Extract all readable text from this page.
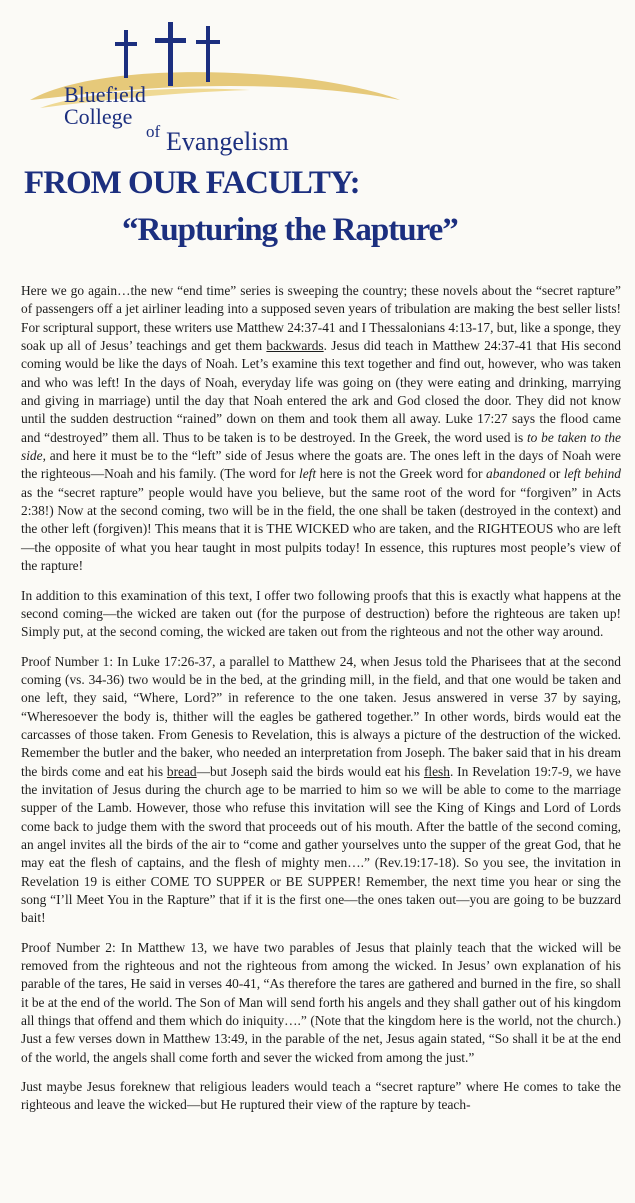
Bluefield
College
of Evangelism
FROM OUR FACULTY:
“Rupturing the Rapture”

Here we go again…the new “end time” series is sweeping the country; these novels about the “secret rapture” of passengers off a jet airliner leading into a supposed seven years of tribulation are making the best seller lists! For scriptural support, these writers use Matthew 24:37-41 and I Thessalonians 4:13-17, but, like a sponge, they soak up all of Jesus’ teachings and get them backwards. Jesus did teach in Matthew 24:37-41 that His second coming would be like the days of Noah. Let’s examine this text together and find out, however, who was taken and who was left! In the days of Noah, everyday life was going on (they were eating and drinking, marrying and giving in marriage) until the day that Noah entered the ark and God closed the door. They did not know until the sudden destruction “rained” down on them and took them all away. Luke 17:27 says the flood came and “destroyed” them all. Thus to be taken is to be destroyed. In the Greek, the word used is to be taken to the side, and here it must be to the “left” side of Jesus where the goats are. The ones left in the days of Noah were the righteous—Noah and his family. (The word for left here is not the Greek word for abandoned or left behind as the “secret rapture” people would have you believe, but the same root of the word for “forgiven” in Acts 2:38!) Now at the second coming, two will be in the field, the one shall be taken (destroyed in the context) and the other left (forgiven)! This means that it is THE WICKED who are taken, and the RIGHTEOUS who are left—the opposite of what you hear taught in most pulpits today! In essence, this ruptures most people’s view of the rapture!

In addition to this examination of this text, I offer two following proofs that this is exactly what happens at the second coming—the wicked are taken out (for the purpose of destruction) before the righteous are taken up! Simply put, at the second coming, the wicked are taken out from the righteous and not the other way around.

Proof Number 1: In Luke 17:26-37, a parallel to Matthew 24, when Jesus told the Pharisees that at the second coming (vs. 34-36) two would be in the bed, at the grinding mill, in the field, and that one would be taken and one left, they said, “Where, Lord?” in reference to the one taken. Jesus answered in verse 37 by saying, “Wheresoever the body is, thither will the eagles be gathered together.” In other words, birds would eat the carcasses of those taken. From Genesis to Revelation, this is always a picture of the destruction of the wicked. Remember the butler and the baker, who needed an interpretation from Joseph. The baker said that in his dream the birds come and eat his bread—but Joseph said the birds would eat his flesh. In Revelation 19:7-9, we have the invitation of Jesus during the church age to be married to him so we will be able to come to the marriage supper of the Lamb. However, those who refuse this invitation will see the King of Kings and Lord of Lords come back to judge them with the sword that proceeds out of his mouth. After the battle of the second coming, an angel invites all the birds of the air to “come and gather yourselves unto the supper of the great God, that he may eat the flesh of captains, and the flesh of mighty men….” (Rev.19:17-18). So you see, the invitation in Revelation 19 is either COME TO SUPPER or BE SUPPER! Remember, the next time you hear or sing the song “I’ll Meet You in the Rapture” that if it is the first one—the ones taken out—you are going to be buzzard bait!

Proof Number 2: In Matthew 13, we have two parables of Jesus that plainly teach that the wicked will be removed from the righteous and not the righteous from among the wicked. In Jesus’ own explanation of his parable of the tares, He said in verses 40-41, “As therefore the tares are gathered and burned in the fire, so shall it be at the end of the world. The Son of Man will send forth his angels and they shall gather out of his kingdom all things that offend and them which do iniquity….” (Note that the kingdom here is the world, not the church.) Just a few verses down in Matthew 13:49, in the parable of the net, Jesus again stated, “So shall it be at the end of the world, the angels shall come forth and sever the wicked from among the just.”

Just maybe Jesus foreknew that religious leaders would teach a “secret rapture” where He comes to take the righteous and leave the wicked—but He ruptured their view of the rapture by teach-
